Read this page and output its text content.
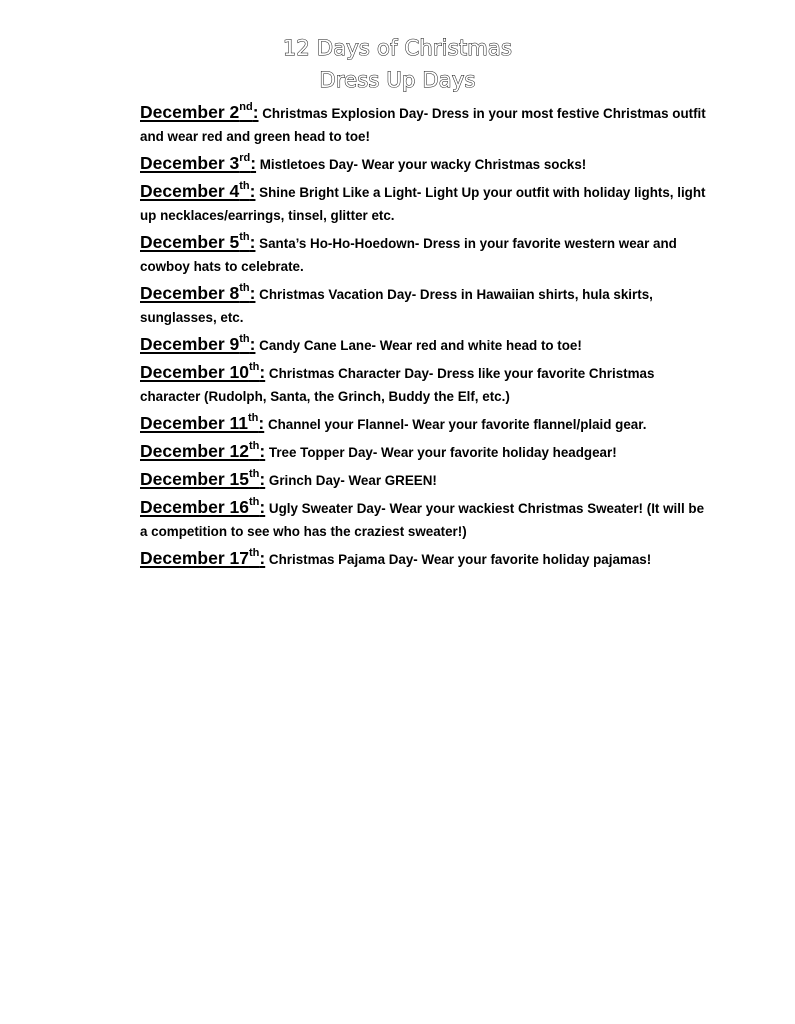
12 Days of Christmas
Dress Up Days

December 2nd: Christmas Explosion Day- Dress in your most festive Christmas outfit and wear red and green head to toe!

December 3rd: Mistletoes Day- Wear your wacky Christmas socks!

December 4th: Shine Bright Like a Light- Light Up your outfit with holiday lights, light up necklaces/earrings, tinsel, glitter etc.

December 5th: Santa’s Ho-Ho-Hoedown- Dress in your favorite western wear and cowboy hats to celebrate.

December 8th: Christmas Vacation Day- Dress in Hawaiian shirts, hula skirts, sunglasses, etc.

December 9th: Candy Cane Lane- Wear red and white head to toe!

December 10th: Christmas Character Day- Dress like your favorite Christmas character (Rudolph, Santa, the Grinch, Buddy the Elf, etc.)

December 11th: Channel your Flannel- Wear your favorite flannel/plaid gear.

December 12th: Tree Topper Day- Wear your favorite holiday headgear!

December 15th: Grinch Day- Wear GREEN!

December 16th: Ugly Sweater Day- Wear your wackiest Christmas Sweater! (It will be a competition to see who has the craziest sweater!)

December 17th: Christmas Pajama Day- Wear your favorite holiday pajamas!
